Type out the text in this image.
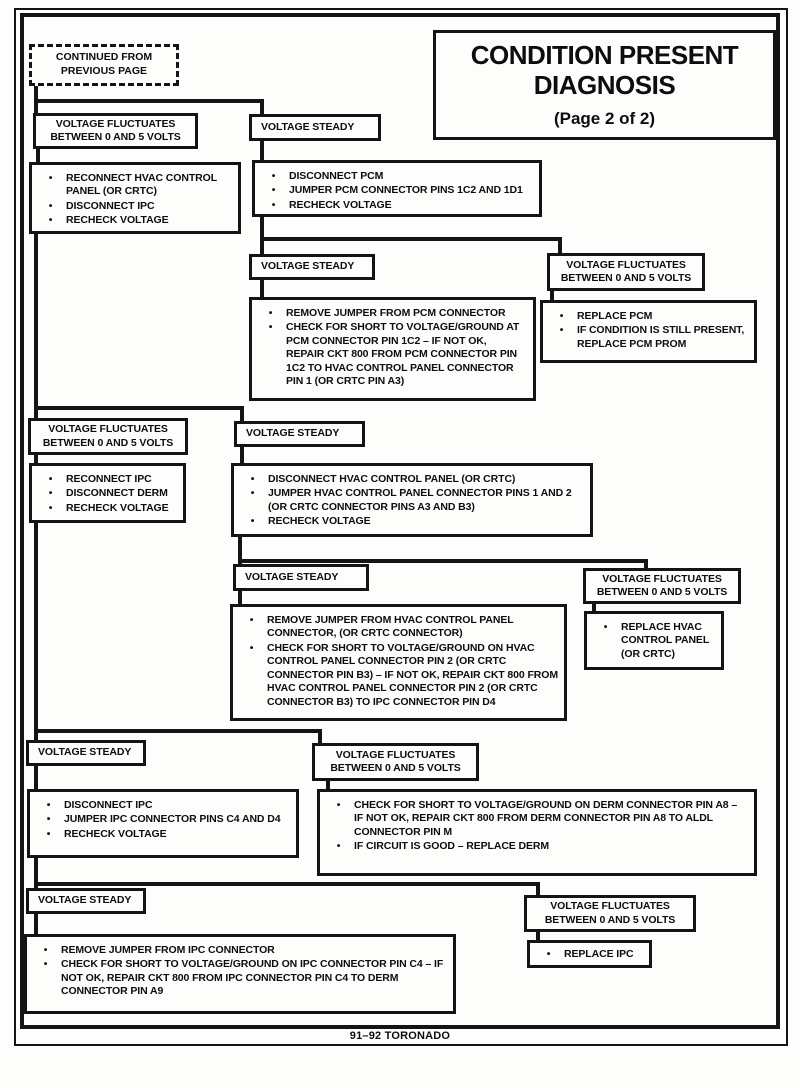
CONDITION PRESENT
DIAGNOSIS
(Page 2 of 2)
CONTINUED FROM
PREVIOUS PAGE
VOLTAGE FLUCTUATES
BETWEEN 0 AND 5 VOLTS
VOLTAGE STEADY
• RECONNECT HVAC CONTROL PANEL (OR CRTC)
• DISCONNECT IPC
• RECHECK VOLTAGE
• DISCONNECT PCM
• JUMPER PCM CONNECTOR PINS 1C2 AND 1D1
• RECHECK VOLTAGE
VOLTAGE STEADY	VOLTAGE FLUCTUATES
BETWEEN 0 AND 5 VOLTS
• REMOVE JUMPER FROM PCM CONNECTOR
• CHECK FOR SHORT TO VOLTAGE/GROUND AT PCM CONNECTOR PIN 1C2 – IF NOT OK, REPAIR CKT 800 FROM PCM CONNECTOR PIN 1C2 TO HVAC CONTROL PANEL CONNECTOR PIN 1 (OR CRTC PIN A3)
• REPLACE PCM
• IF CONDITION IS STILL PRESENT, REPLACE PCM PROM
VOLTAGE FLUCTUATES
BETWEEN 0 AND 5 VOLTS
VOLTAGE STEADY
• RECONNECT IPC
• DISCONNECT DERM
• RECHECK VOLTAGE
• DISCONNECT HVAC CONTROL PANEL (OR CRTC)
• JUMPER HVAC CONTROL PANEL CONNECTOR PINS 1 AND 2 (OR CRTC CONNECTOR PINS A3 AND B3)
• RECHECK VOLTAGE
VOLTAGE STEADY	VOLTAGE FLUCTUATES
BETWEEN 0 AND 5 VOLTS
• REMOVE JUMPER FROM HVAC CONTROL PANEL CONNECTOR, (OR CRTC CONNECTOR)
• CHECK FOR SHORT TO VOLTAGE/GROUND ON HVAC CONTROL PANEL CONNECTOR PIN 2 (OR CRTC CONNECTOR PIN B3) – IF NOT OK, REPAIR CKT 800 FROM HVAC CONTROL PANEL CONNECTOR PIN 2 (OR CRTC CONNECTOR B3) TO IPC CONNECTOR PIN D4
• REPLACE HVAC CONTROL PANEL (OR CRTC)
VOLTAGE STEADY	VOLTAGE FLUCTUATES
BETWEEN 0 AND 5 VOLTS
• DISCONNECT IPC
• JUMPER IPC CONNECTOR PINS C4 AND D4
• RECHECK VOLTAGE
• CHECK FOR SHORT TO VOLTAGE/GROUND ON DERM CONNECTOR PIN A8 – IF NOT OK, REPAIR CKT 800 FROM DERM CONNECTOR PIN A8 TO ALDL CONNECTOR PIN M
• IF CIRCUIT IS GOOD – REPLACE DERM
VOLTAGE STEADY	VOLTAGE FLUCTUATES
BETWEEN 0 AND 5 VOLTS
• REPLACE IPC
• REMOVE JUMPER FROM IPC CONNECTOR
• CHECK FOR SHORT TO VOLTAGE/GROUND ON IPC CONNECTOR PIN C4 – IF NOT OK, REPAIR CKT 800 FROM IPC CONNECTOR PIN C4 TO DERM CONNECTOR PIN A9
91–92 TORONADO
